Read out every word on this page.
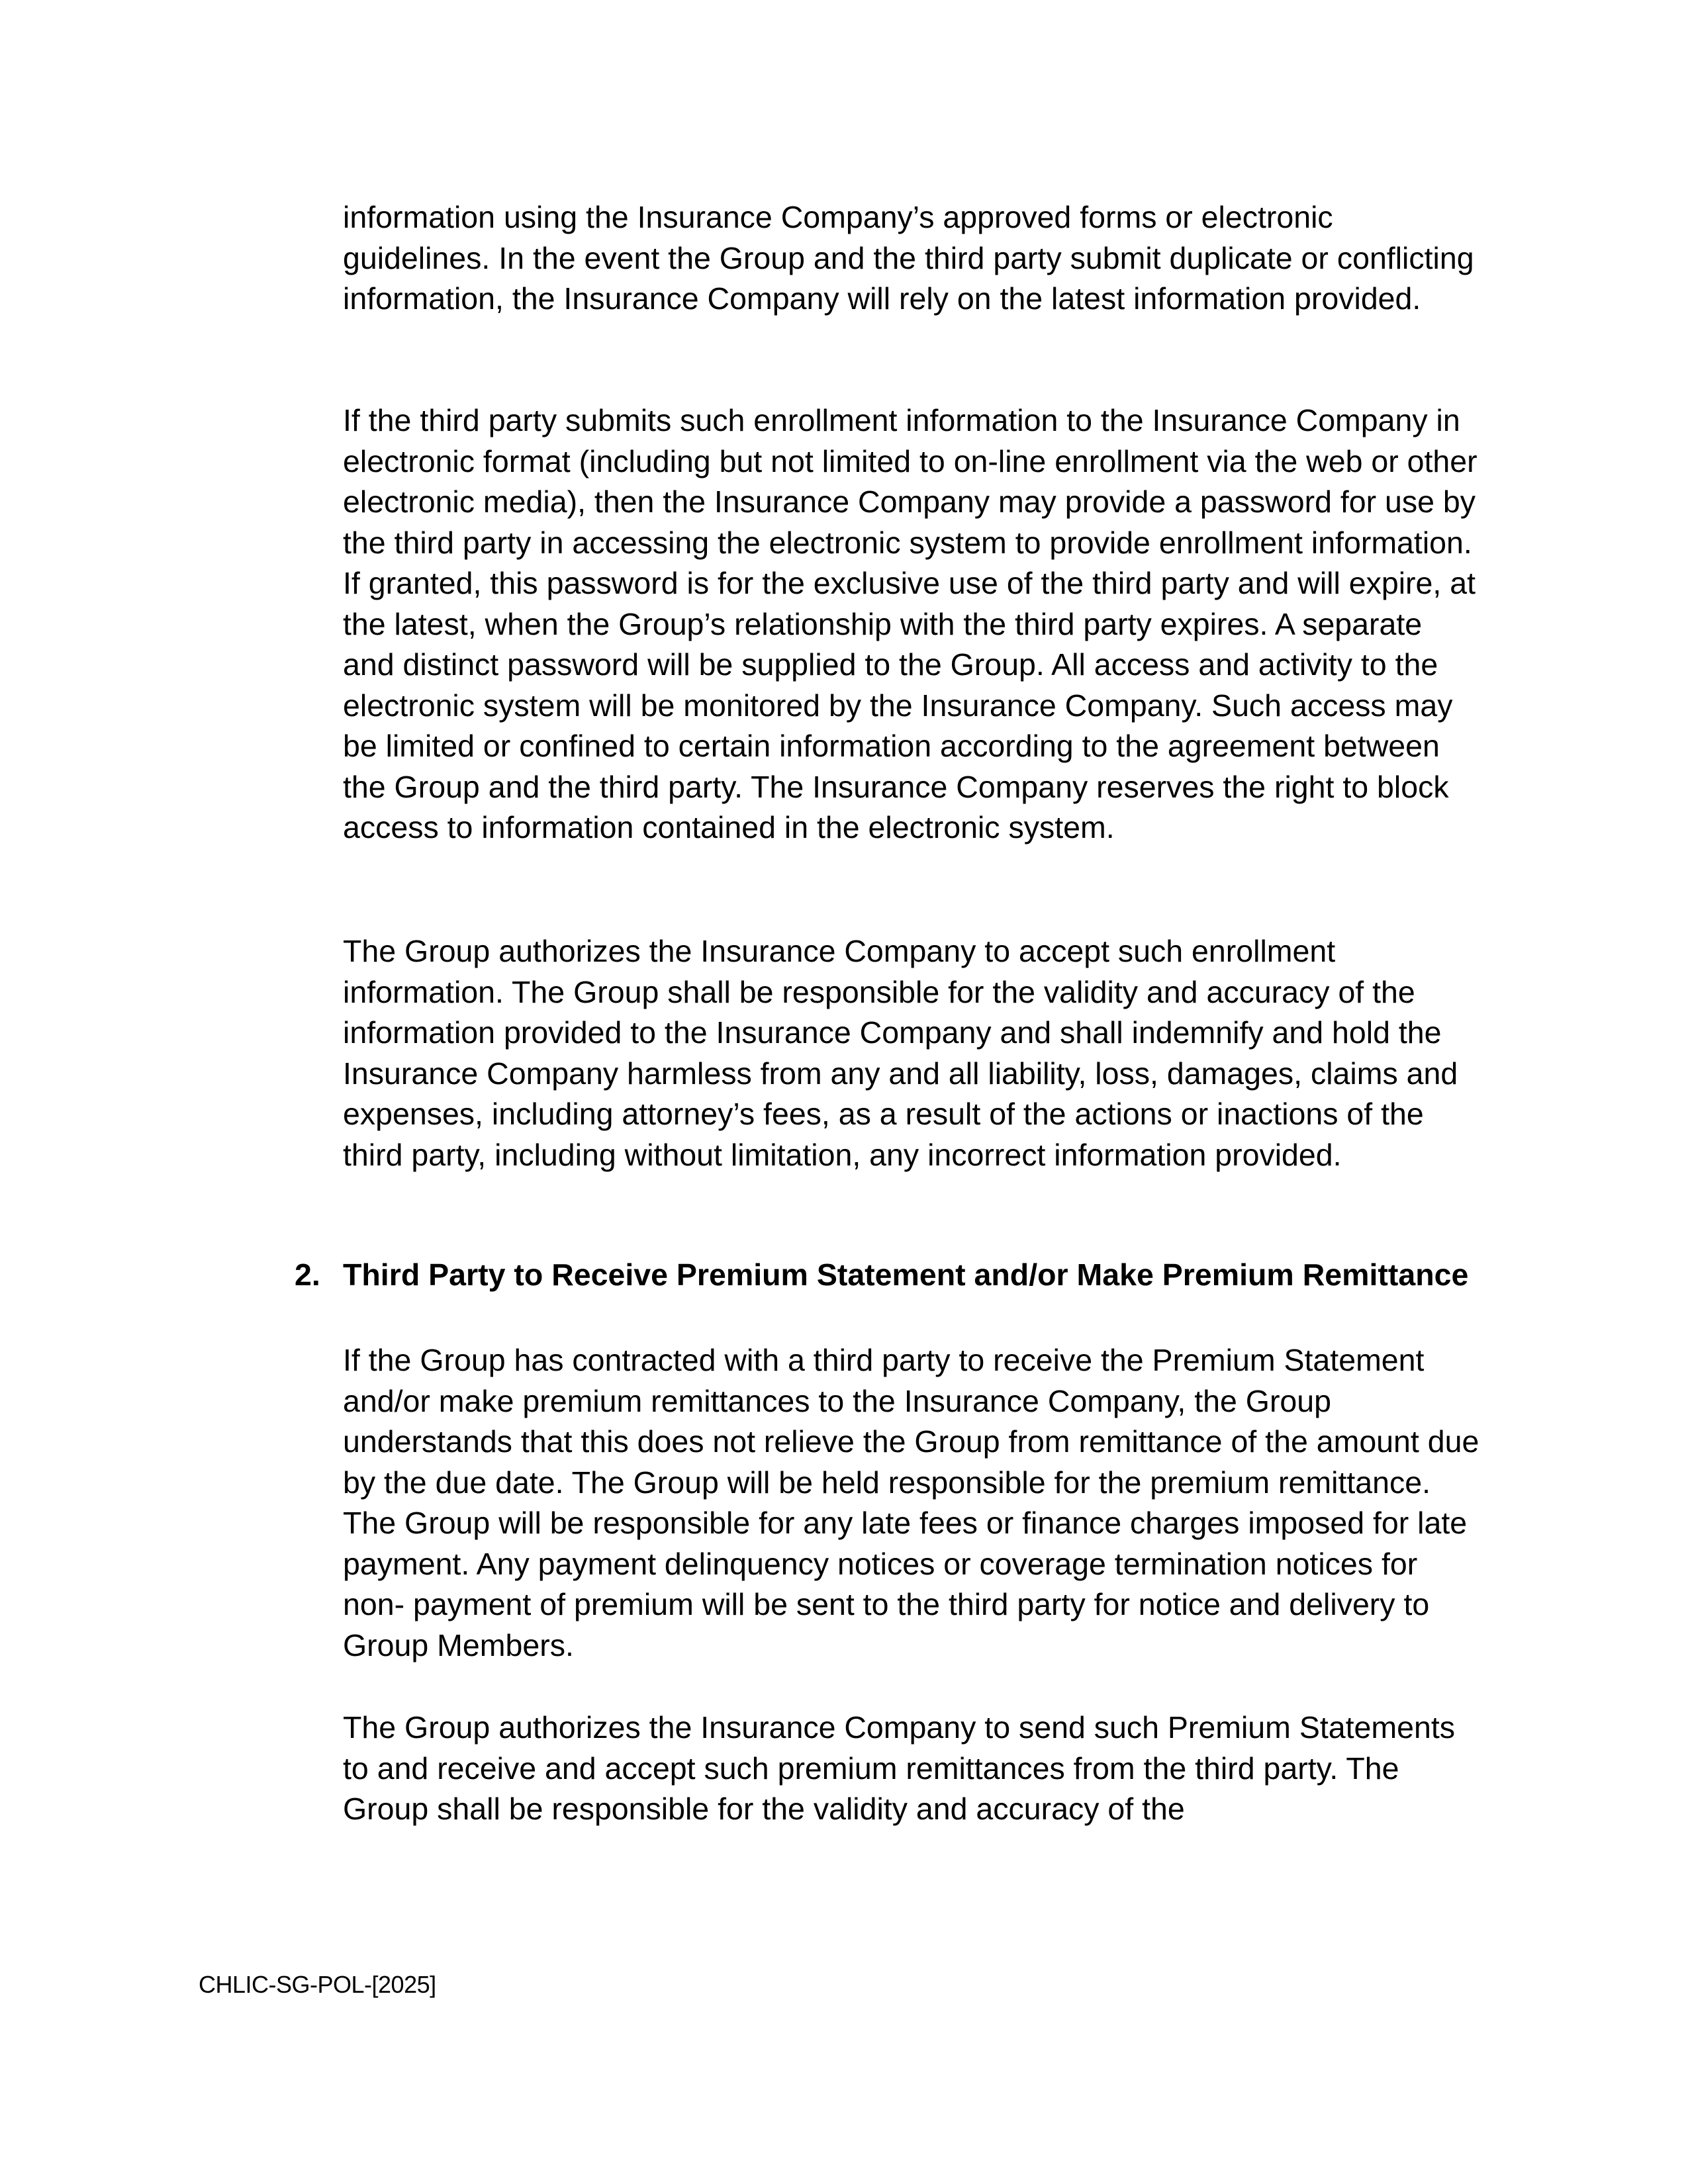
information using the Insurance Company’s approved forms or electronic guidelines. In the event the Group and the third party submit duplicate or conflicting information, the Insurance Company will rely on the latest information provided.

If the third party submits such enrollment information to the Insurance Company in electronic format (including but not limited to on-line enrollment via the web or other electronic media), then the Insurance Company may provide a password for use by the third party in accessing the electronic system to provide enrollment information. If granted, this password is for the exclusive use of the third party and will expire, at the latest, when the Group’s relationship with the third party expires. A separate and distinct password will be supplied to the Group. All access and activity to the electronic system will be monitored by the Insurance Company. Such access may be limited or confined to certain information according to the agreement between the Group and the third party. The Insurance Company reserves the right to block access to information contained in the electronic system.

The Group authorizes the Insurance Company to accept such enrollment information. The Group shall be responsible for the validity and accuracy of the information provided to the Insurance Company and shall indemnify and hold the Insurance Company harmless from any and all liability, loss, damages, claims and expenses, including attorney’s fees, as a result of the actions or inactions of the third party, including without limitation, any incorrect information provided.

2. Third Party to Receive Premium Statement and/or Make Premium Remittance

If the Group has contracted with a third party to receive the Premium Statement and/or make premium remittances to the Insurance Company, the Group understands that this does not relieve the Group from remittance of the amount due by the due date. The Group will be held responsible for the premium remittance. The Group will be responsible for any late fees or finance charges imposed for late payment. Any payment delinquency notices or coverage termination notices for non- payment of premium will be sent to the third party for notice and delivery to Group Members.

The Group authorizes the Insurance Company to send such Premium Statements to and receive and accept such premium remittances from the third party. The Group shall be responsible for the validity and accuracy of the

CHLIC-SG-POL-[2025]
